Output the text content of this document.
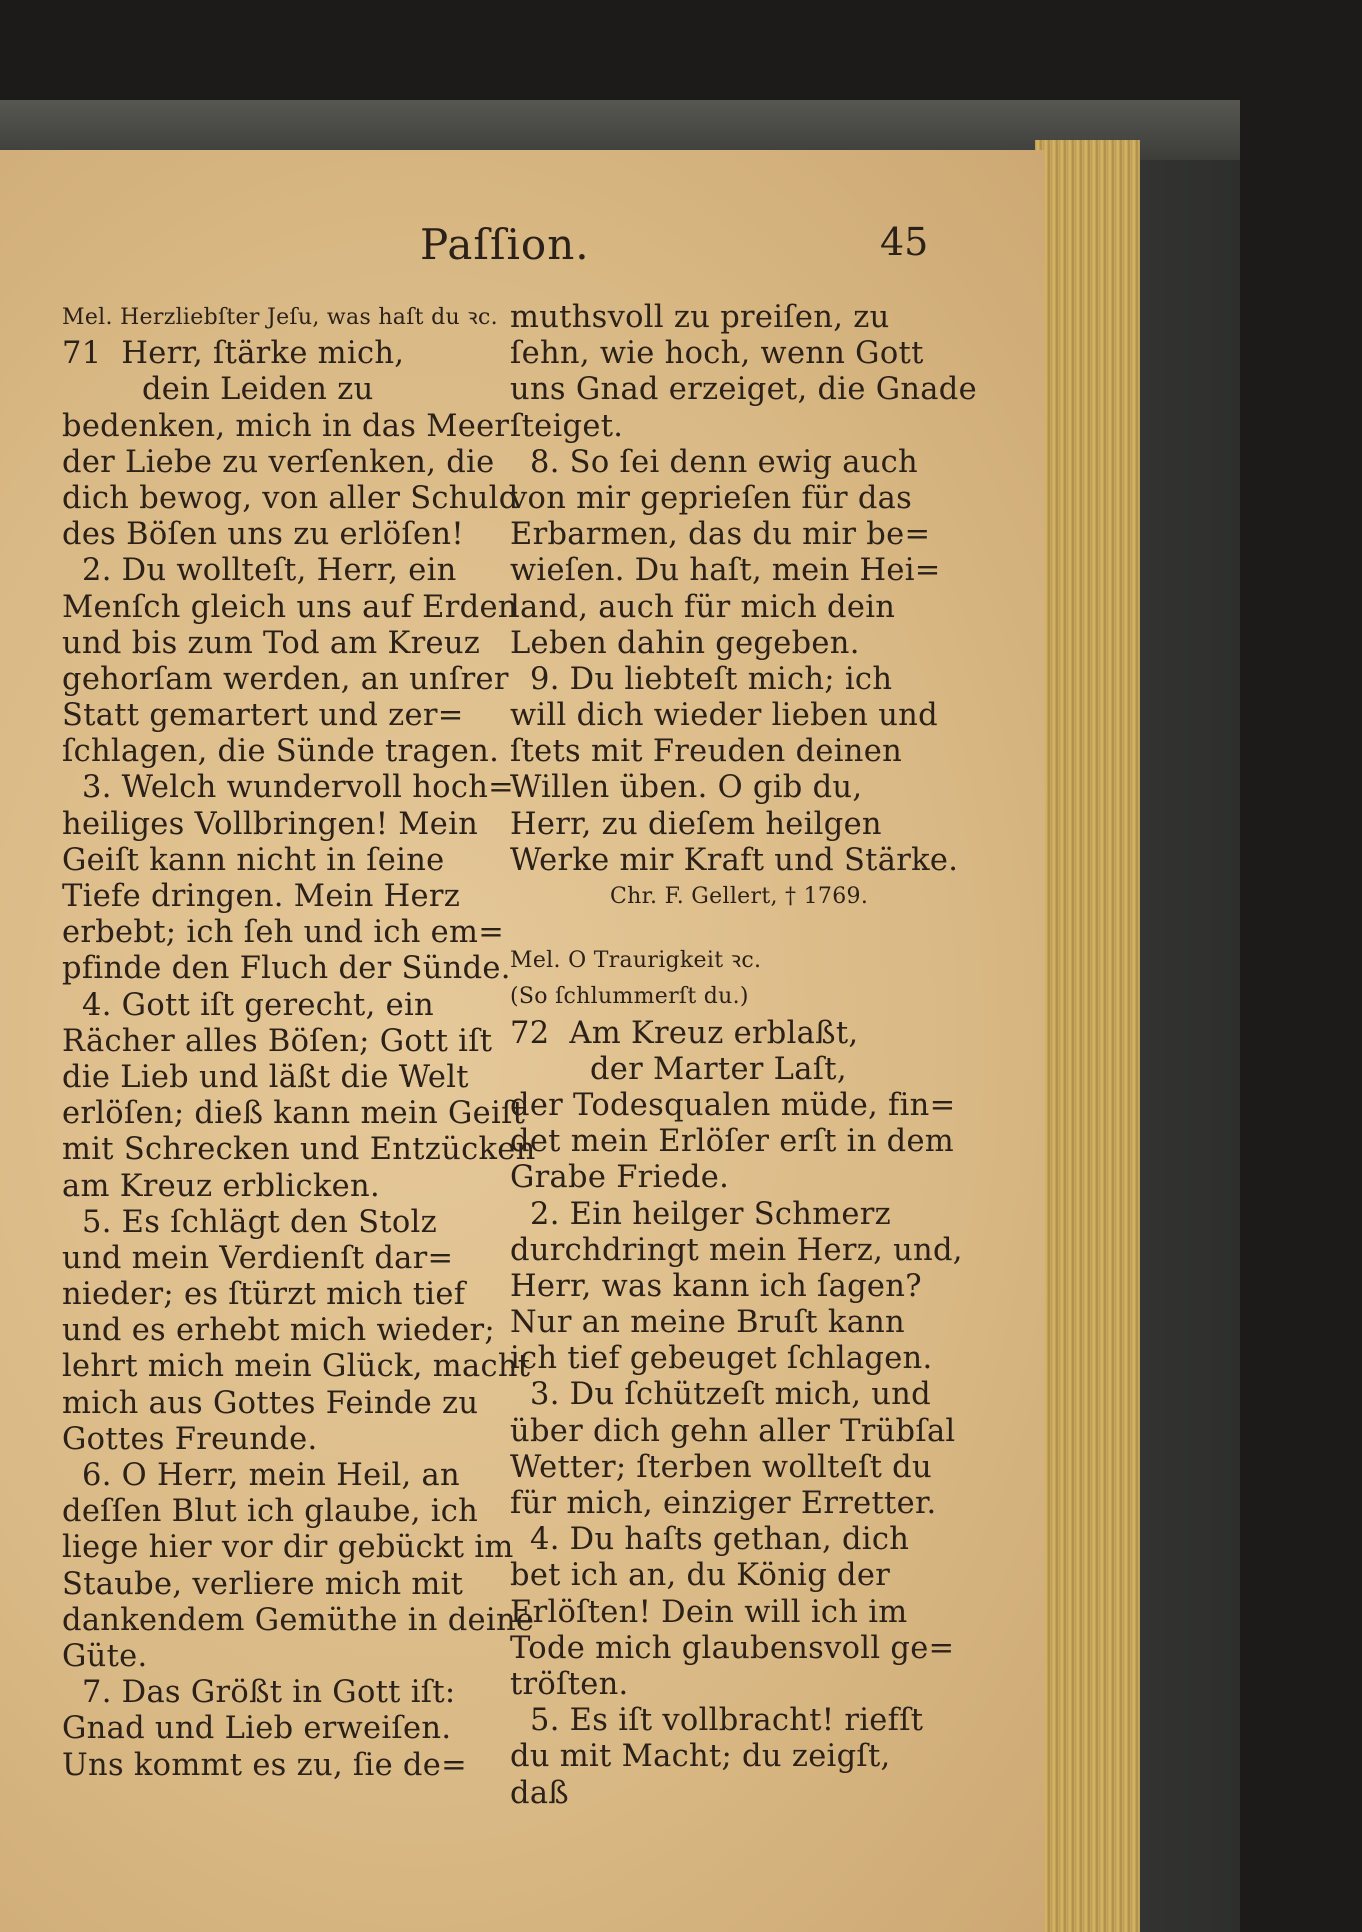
Paſſion.	45
Mel. Herzliebſter Jeſu, was haſt du ꝛc.
71  Herr, ſtärke mich,
dein Leiden zu
bedenken, mich in das Meer
der Liebe zu verſenken, die
dich bewog, von aller Schuld
des Böſen uns zu erlöſen!
2. Du wollteſt, Herr, ein
Menſch gleich uns auf Erden
und bis zum Tod am Kreuz
gehorſam werden, an unſrer
Statt gemartert und zer=
ſchlagen, die Sünde tragen.
3. Welch wundervoll hoch=
heiliges Vollbringen! Mein
Geiſt kann nicht in ſeine
Tiefe dringen. Mein Herz
erbebt; ich ſeh und ich em=
pfinde den Fluch der Sünde.
4. Gott iſt gerecht, ein
Rächer alles Böſen; Gott iſt
die Lieb und läßt die Welt
erlöſen; dieß kann mein Geiſt
mit Schrecken und Entzücken
am Kreuz erblicken.
5. Es ſchlägt den Stolz
und mein Verdienſt dar=
nieder; es ſtürzt mich tief
und es erhebt mich wieder;
lehrt mich mein Glück, macht
mich aus Gottes Feinde zu
Gottes Freunde.
6. O Herr, mein Heil, an
deſſen Blut ich glaube, ich
liege hier vor dir gebückt im
Staube, verliere mich mit
dankendem Gemüthe in deine
Güte.
7. Das Größt in Gott iſt:
Gnad und Lieb erweiſen.
Uns kommt es zu, ſie de=
muthsvoll zu preiſen, zu
ſehn, wie hoch, wenn Gott
uns Gnad erzeiget, die Gnade
ſteiget.
8. So ſei denn ewig auch
von mir geprieſen für das
Erbarmen, das du mir be=
wieſen. Du haſt, mein Hei=
land, auch für mich dein
Leben dahin gegeben.
9. Du liebteſt mich; ich
will dich wieder lieben und
ſtets mit Freuden deinen
Willen üben. O gib du,
Herr, zu dieſem heilgen
Werke mir Kraft und Stärke.
Chr. F. Gellert, † 1769.
Mel. O Traurigkeit ꝛc.
(So ſchlummerſt du.)
72  Am Kreuz erblaßt,
der Marter Laſt,
der Todesqualen müde, fin=
det mein Erlöſer erſt in dem
Grabe Friede.
2. Ein heilger Schmerz
durchdringt mein Herz, und,
Herr, was kann ich ſagen?
Nur an meine Bruſt kann
ich tief gebeuget ſchlagen.
3. Du ſchützeſt mich, und
über dich gehn aller Trübſal
Wetter; ſterben wollteſt du
für mich, einziger Erretter.
4. Du haſts gethan, dich
bet ich an, du König der
Erlöſten! Dein will ich im
Tode mich glaubensvoll ge=
tröſten.
5. Es iſt vollbracht! riefſt
du mit Macht; du zeigſt,
daß
